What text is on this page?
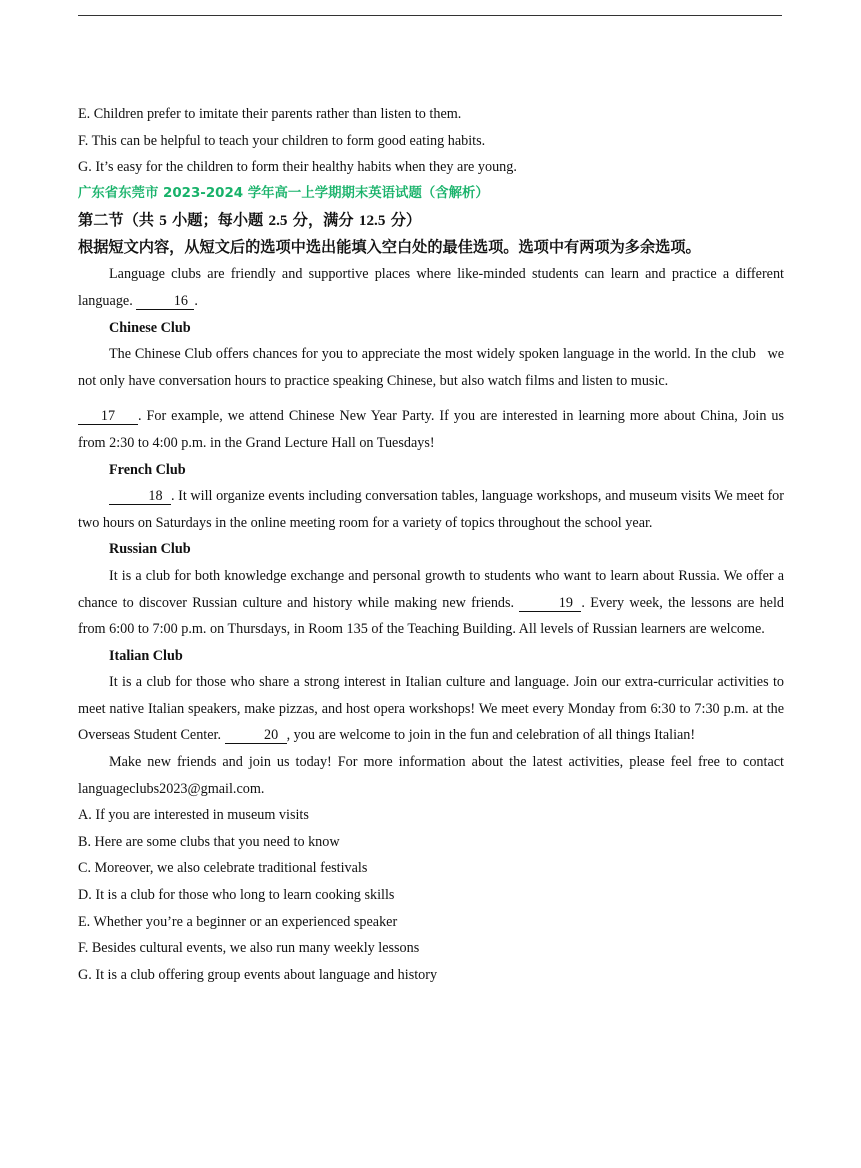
E. Children prefer to imitate their parents rather than listen to them.

F. This can be helpful to teach your children to form good eating habits.

G. It’s easy for the children to form their healthy habits when they are young.

广东省东莞市 2023-2024 学年高一上学期期末英语试题（含解析）

第二节（共 5 小题；每小题 2.5 分，满分 12.5 分）

根据短文内容，从短文后的选项中选出能填入空白处的最佳选项。选项中有两项为多余选项。

Language clubs are friendly and supportive places where like-minded students can learn and practice a different language.	16 .

Chinese Club

The Chinese Club offers chances for you to appreciate the most widely spoken language in the world. In the club we not only have conversation hours to practice speaking Chinese, but also watch films and listen to music.

17 . For example, we attend Chinese New Year Party. If you are interested in learning more about China, Join us from 2:30 to 4:00 p.m. in the Grand Lecture Hall on Tuesdays!

French Club

18 . It will organize events including conversation tables, language workshops, and museum visits We meet for two hours on Saturdays in the online meeting room for a variety of topics throughout the school year.

Russian Club

It is a club for both knowledge exchange and personal growth to students who want to learn about Russia. We offer a chance to discover Russian culture and history while making new friends.	19 . Every week, the lessons are held from 6:00 to 7:00 p.m. on Thursdays, in Room 135 of the Teaching Building. All levels of Russian learners are welcome.

Italian Club

It is a club for those who share a strong interest in Italian culture and language. Join our extra-curricular activities to meet native Italian speakers, make pizzas, and host opera workshops! We meet every Monday from 6:30 to 7:30 p.m. at the Overseas Student Center.	20 , you are welcome to join in the fun and celebration of all things Italian!

Make new friends and join us today! For more information about the latest activities, please feel free to contact languageclubs2023@gmail.com.

A. If you are interested in museum visits

B. Here are some clubs that you need to know

C. Moreover, we also celebrate traditional festivals

D. It is a club for those who long to learn cooking skills

E. Whether you’re a beginner or an experienced speaker

F. Besides cultural events, we also run many weekly lessons

G. It is a club offering group events about language and history
